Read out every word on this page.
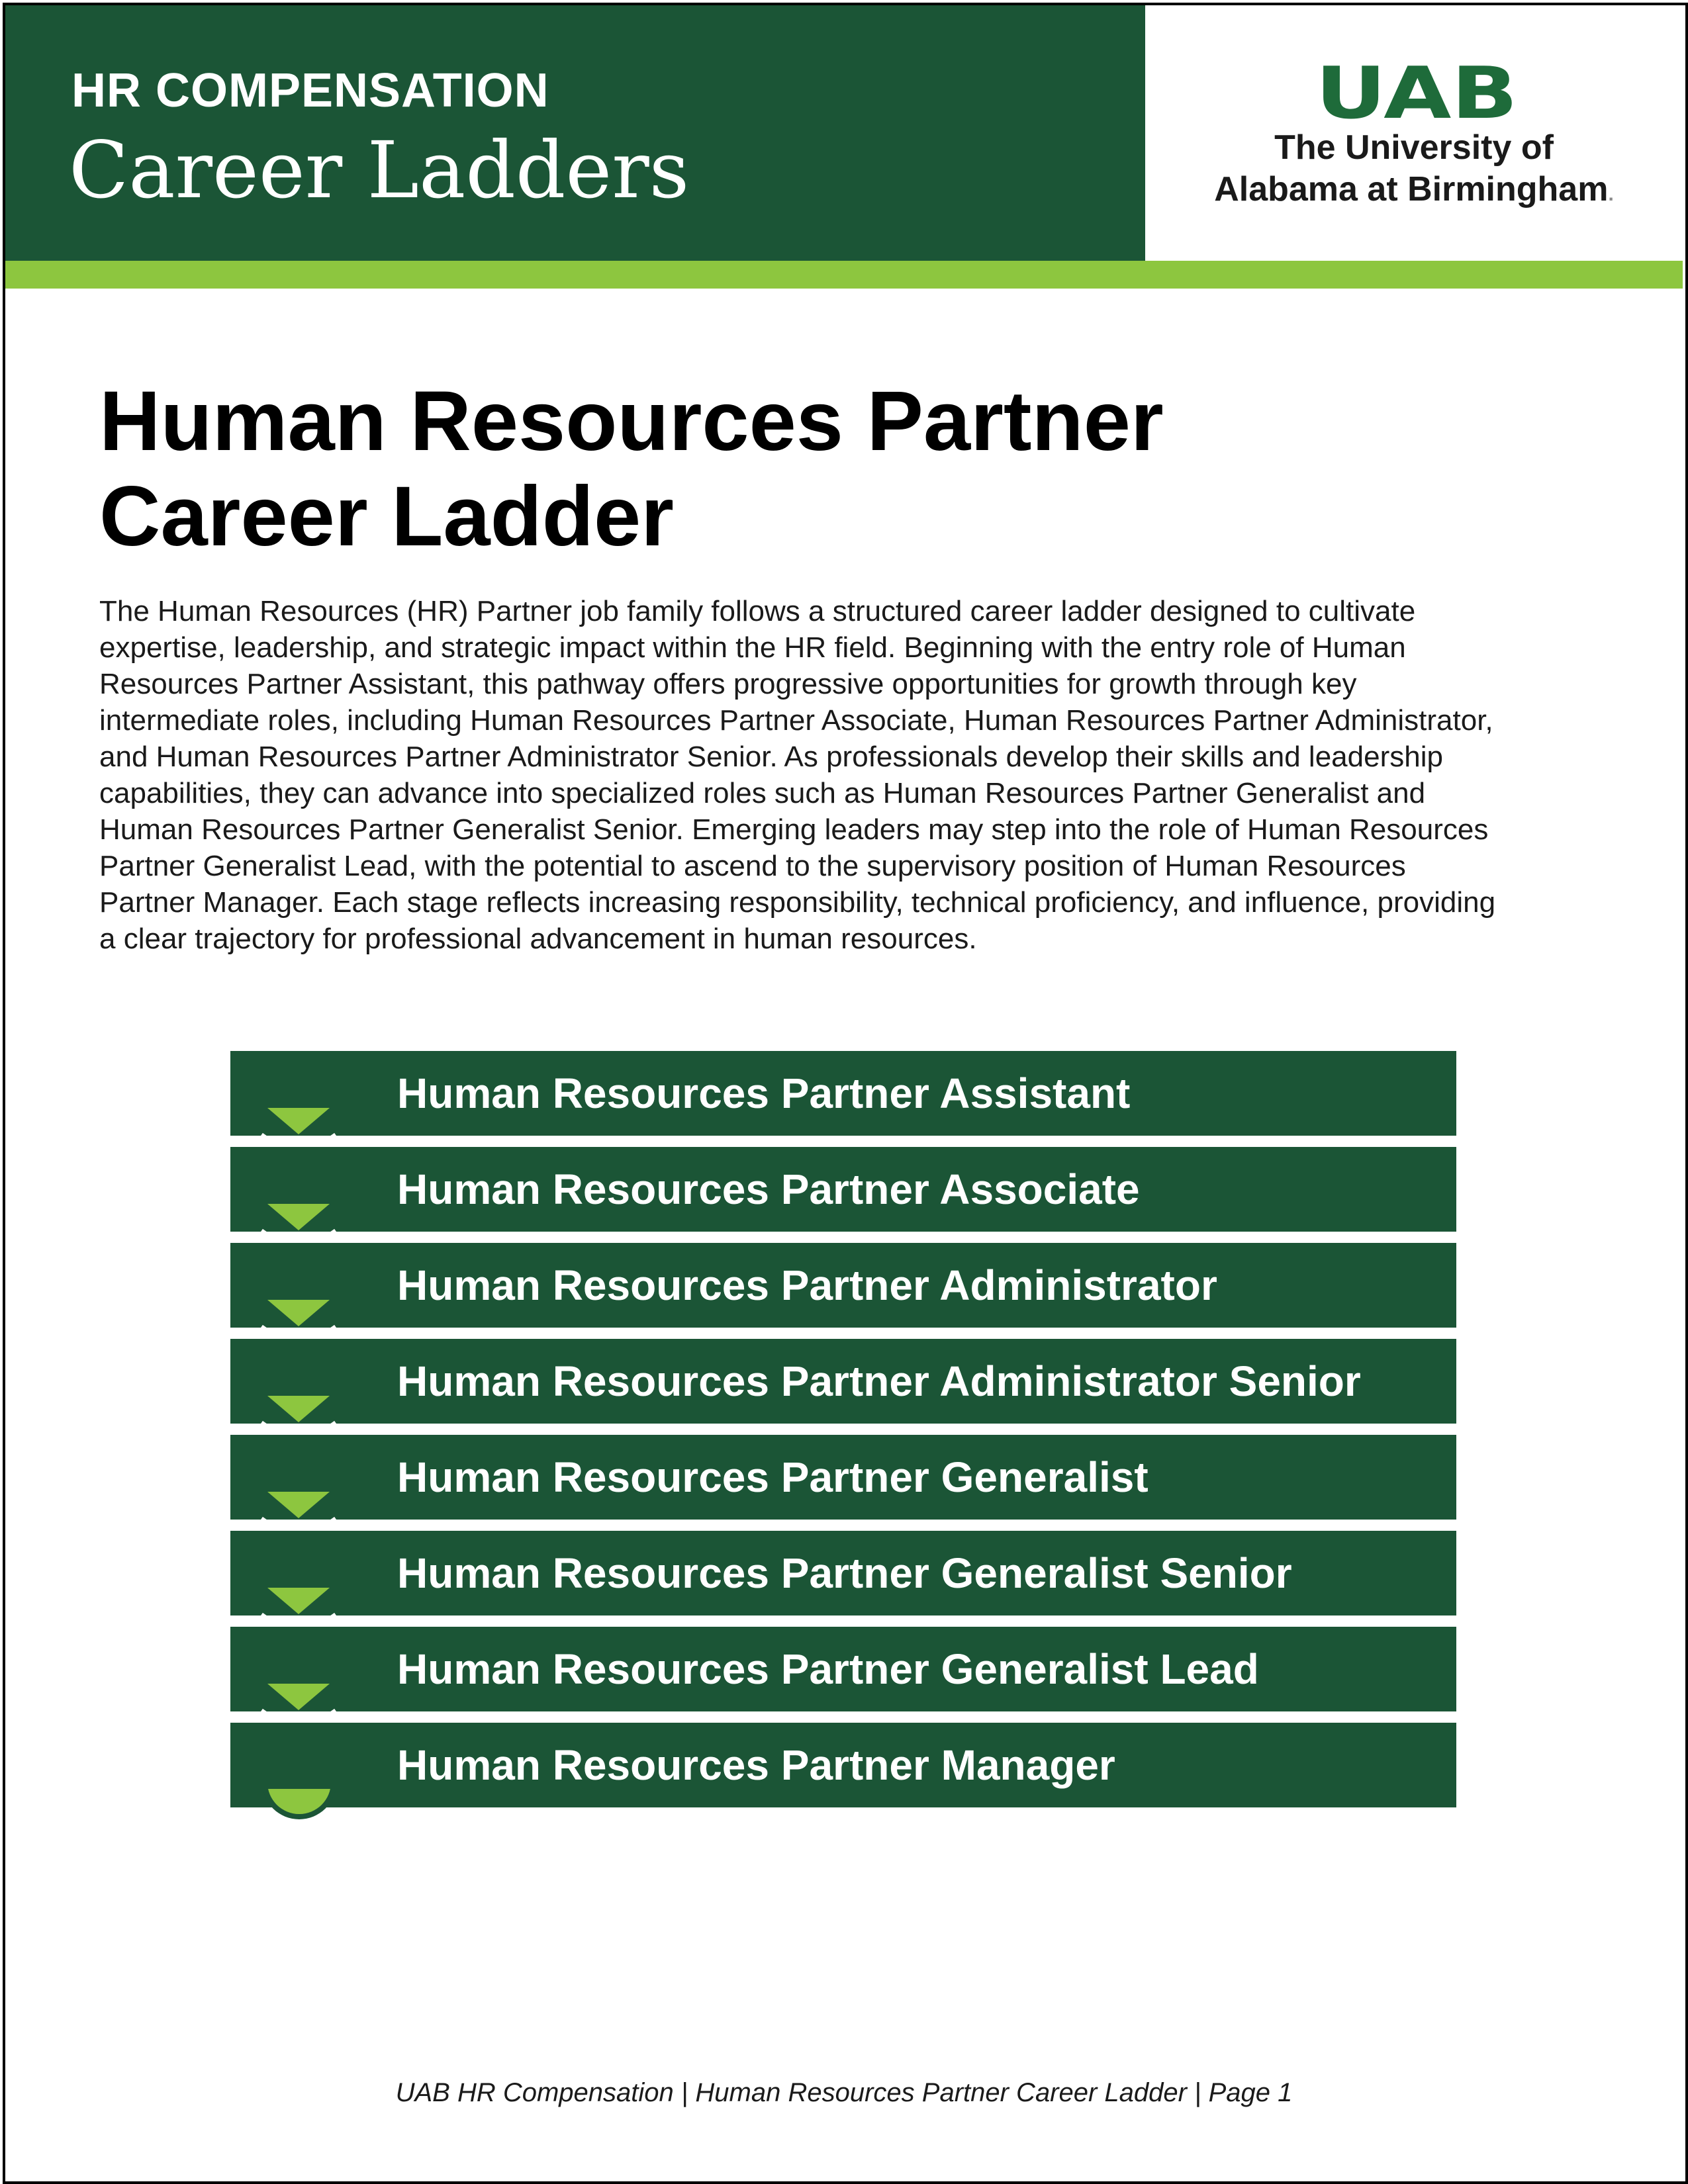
HR COMPENSATION
Career Ladders
UAB
The University of
Alabama at Birmingham.
Human Resources Partner
Career Ladder
The Human Resources (HR) Partner job family follows a structured career ladder designed to cultivate
expertise, leadership, and strategic impact within the HR field. Beginning with the entry role of Human
Resources Partner Assistant, this pathway offers progressive opportunities for growth through key
intermediate roles, including Human Resources Partner Associate, Human Resources Partner Administrator,
and Human Resources Partner Administrator Senior. As professionals develop their skills and leadership
capabilities, they can advance into specialized roles such as Human Resources Partner Generalist and
Human Resources Partner Generalist Senior. Emerging leaders may step into the role of Human Resources
Partner Generalist Lead, with the potential to ascend to the supervisory position of Human Resources
Partner Manager. Each stage reflects increasing responsibility, technical proficiency, and influence, providing
a clear trajectory for professional advancement in human resources.
Human Resources Partner Assistant
Human Resources Partner Associate
Human Resources Partner Administrator
Human Resources Partner Administrator Senior
Human Resources Partner Generalist
Human Resources Partner Generalist Senior
Human Resources Partner Generalist Lead
Human Resources Partner Manager
UAB HR Compensation | Human Resources Partner Career Ladder | Page 1
